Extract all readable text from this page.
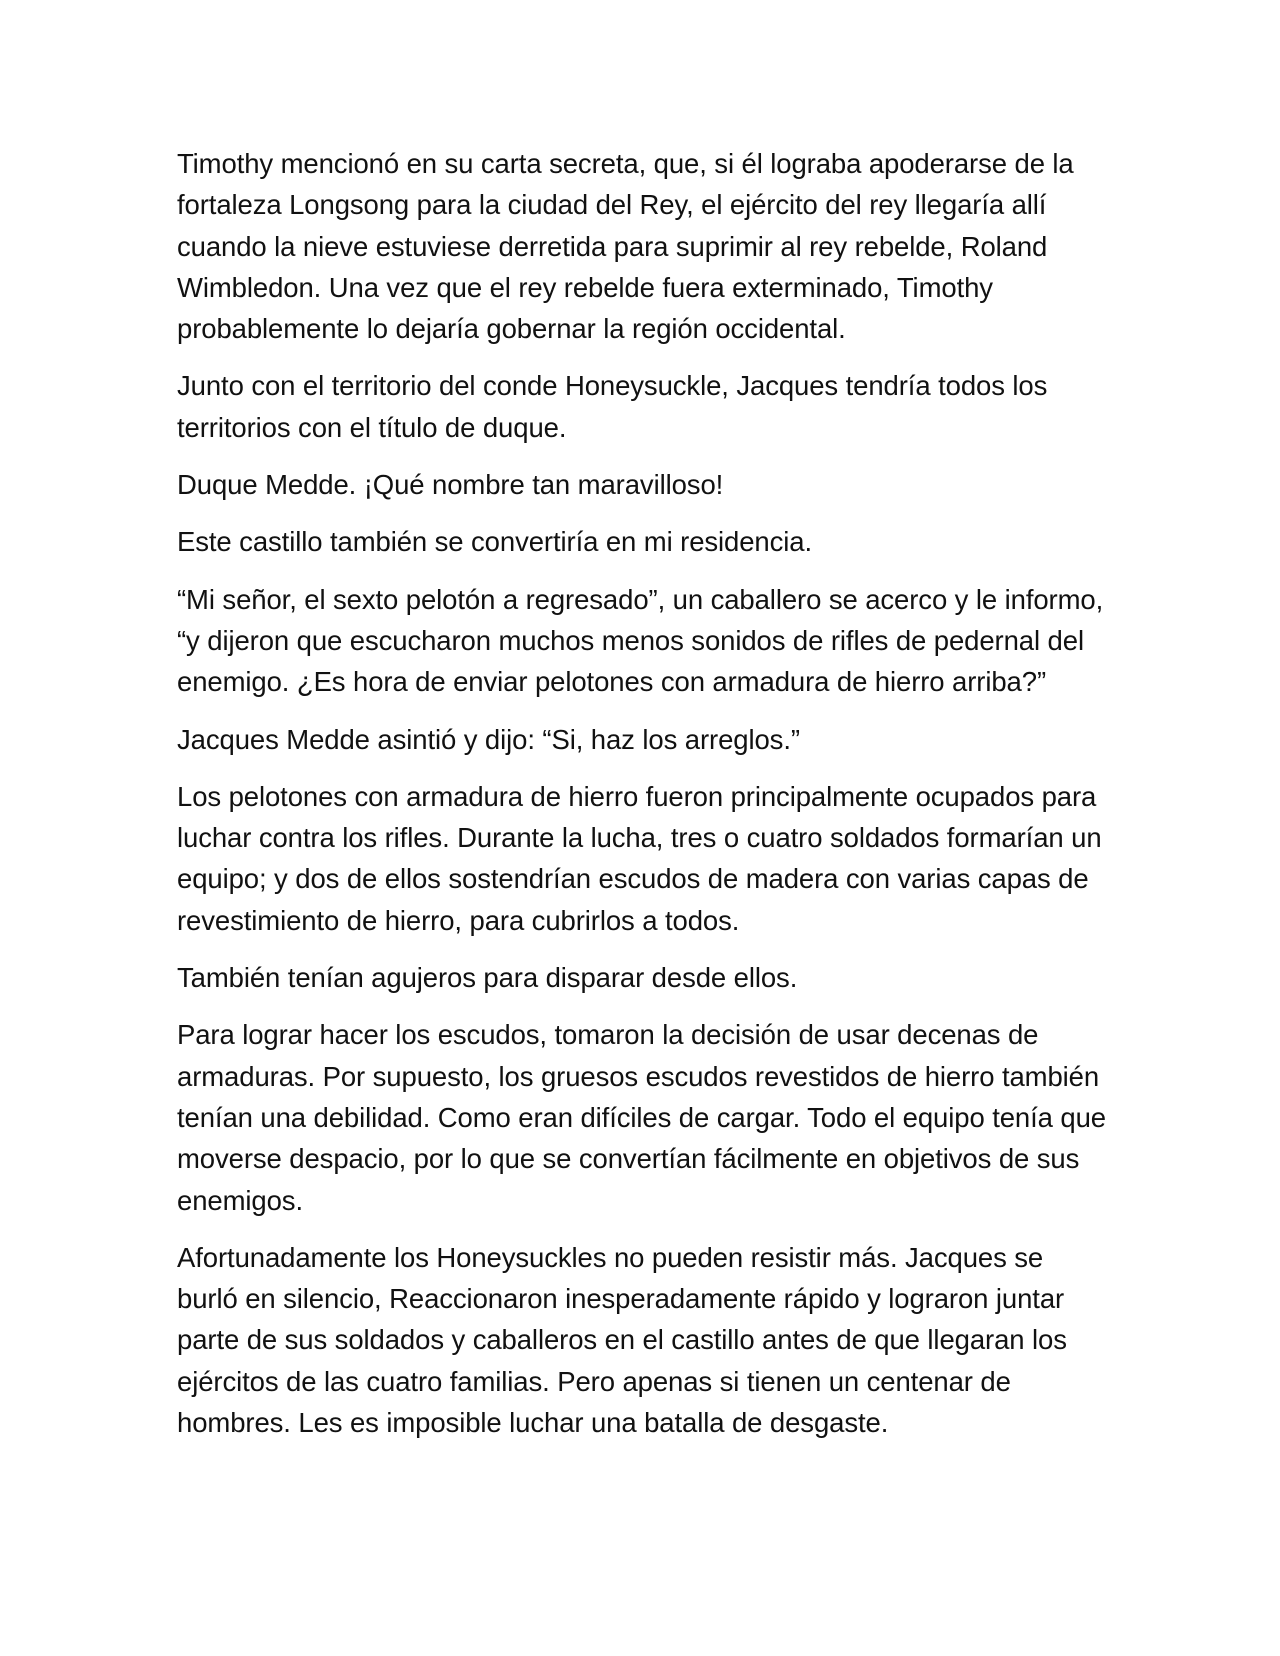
Timothy mencionó en su carta secreta, que, si él lograba apoderarse de la fortaleza Longsong para la ciudad del Rey, el ejército del rey llegaría allí cuando la nieve estuviese derretida para suprimir al rey rebelde, Roland Wimbledon. Una vez que el rey rebelde fuera exterminado, Timothy probablemente lo dejaría gobernar la región occidental.

Junto con el territorio del conde Honeysuckle, Jacques tendría todos los territorios con el título de duque.

Duque Medde. ¡Qué nombre tan maravilloso!

Este castillo también se convertiría en mi residencia.

“Mi señor, el sexto pelotón a regresado”, un caballero se acerco y le informo, “y dijeron que escucharon muchos menos sonidos de rifles de pedernal del enemigo. ¿Es hora de enviar pelotones con armadura de hierro arriba?”

Jacques Medde asintió y dijo: “Si, haz los arreglos.”

Los pelotones con armadura de hierro fueron principalmente ocupados para luchar contra los rifles. Durante la lucha, tres o cuatro soldados formarían un equipo; y dos de ellos sostendrían escudos de madera con varias capas de revestimiento de hierro, para cubrirlos a todos.

También tenían agujeros para disparar desde ellos.

Para lograr hacer los escudos, tomaron la decisión de usar decenas de armaduras. Por supuesto, los gruesos escudos revestidos de hierro también tenían una debilidad. Como eran difíciles de cargar. Todo el equipo tenía que moverse despacio, por lo que se convertían fácilmente en objetivos de sus enemigos.

Afortunadamente los Honeysuckles no pueden resistir más. Jacques se burló en silencio, Reaccionaron inesperadamente rápido y lograron juntar parte de sus soldados y caballeros en el castillo antes de que llegaran los ejércitos de las cuatro familias. Pero apenas si tienen un centenar de hombres. Les es imposible luchar una batalla de desgaste.
